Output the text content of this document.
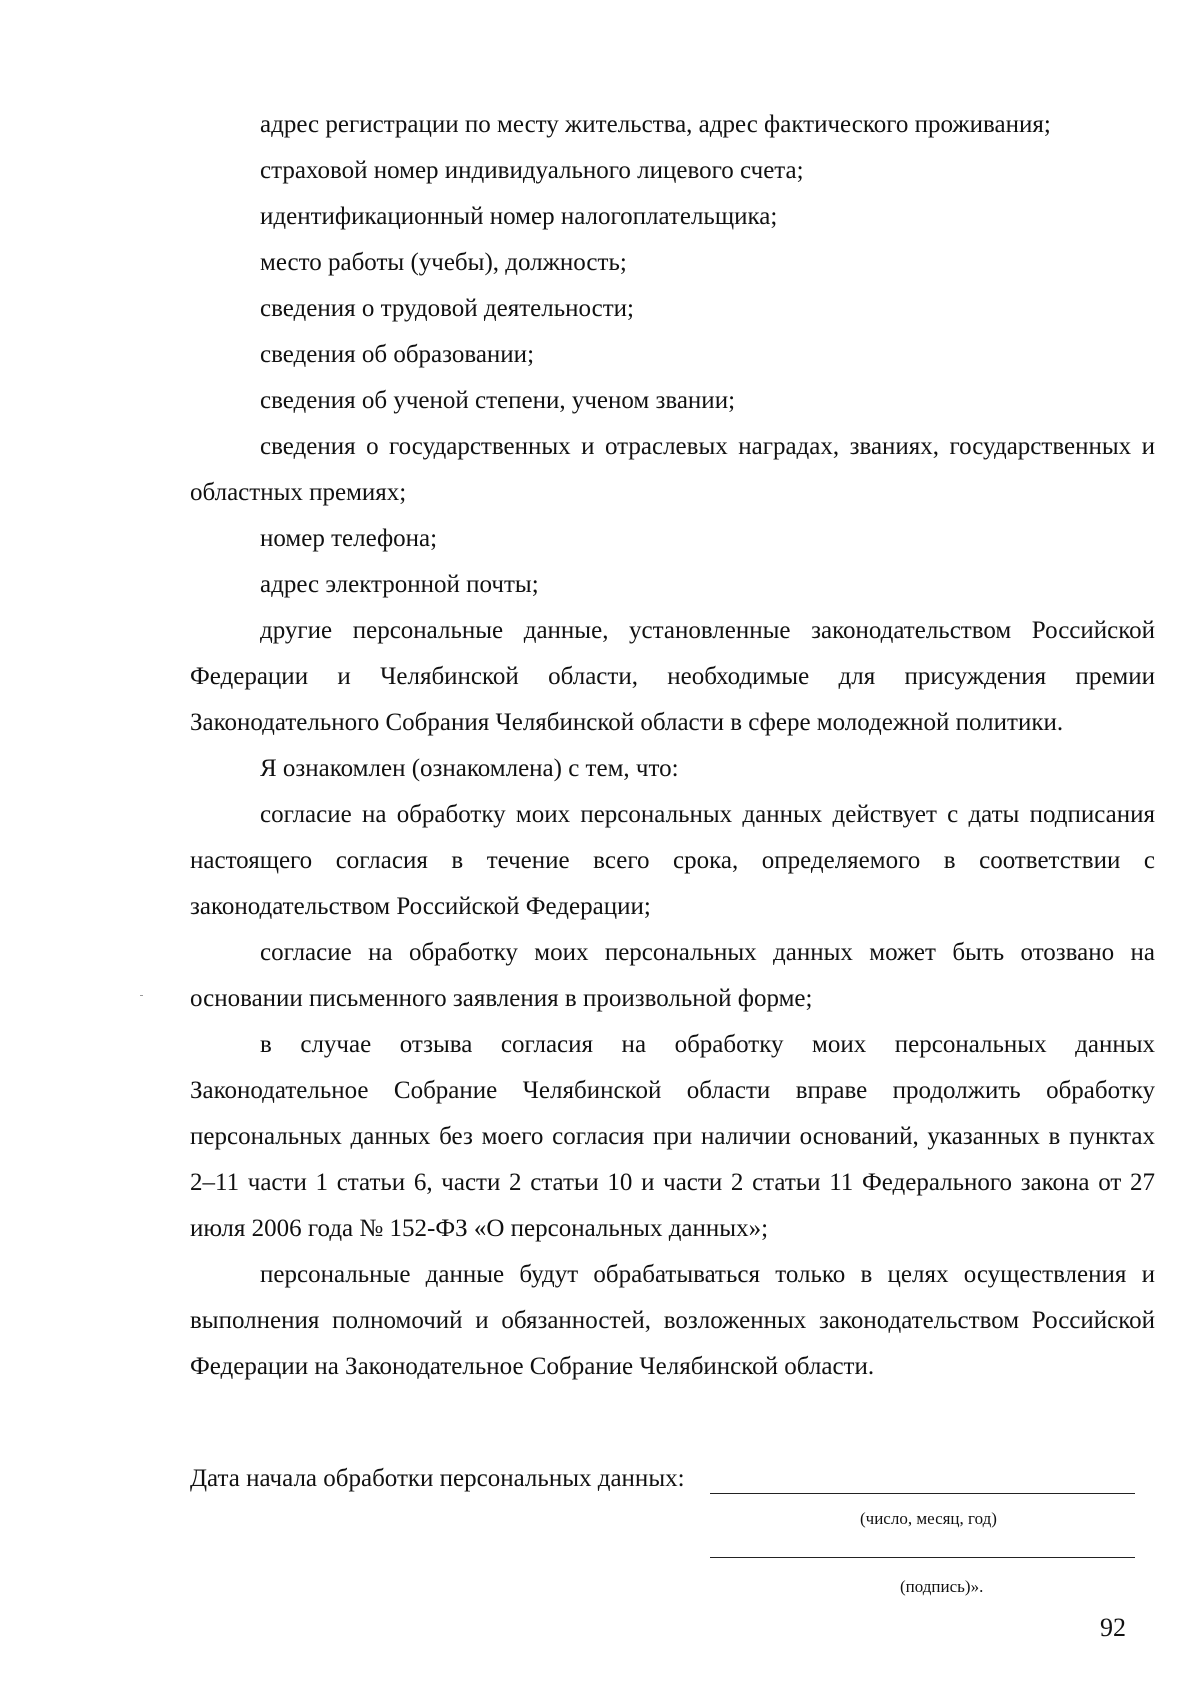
адрес регистрации по месту жительства, адрес фактического проживания;

страховой номер индивидуального лицевого счета;

идентификационный номер налогоплательщика;

место работы (учебы), должность;

сведения о трудовой деятельности;

сведения об образовании;

сведения об ученой степени, ученом звании;

сведения о государственных и отраслевых наградах, званиях, государственных и областных премиях;

номер телефона;

адрес электронной почты;

другие персональные данные, установленные законодательством Российской Федерации и Челябинской области, необходимые для присуждения премии Законодательного Собрания Челябинской области в сфере молодежной политики.

Я ознакомлен (ознакомлена) с тем, что:

согласие на обработку моих персональных данных действует с даты подписания настоящего согласия в течение всего срока, определяемого в соответствии с законодательством Российской Федерации;

согласие на обработку моих персональных данных может быть отозвано на основании письменного заявления в произвольной форме;

в случае отзыва согласия на обработку моих персональных данных Законодательное Собрание Челябинской области вправе продолжить обработку персональных данных без моего согласия при наличии оснований, указанных в пунктах 2–11 части 1 статьи 6, части 2 статьи 10 и части 2 статьи 11 Федерального закона от 27 июля 2006 года № 152-ФЗ «О персональных данных»;

персональные данные будут обрабатываться только в целях осуществления и выполнения полномочий и обязанностей, возложенных законодательством Российской Федерации на Законодательное Собрание Челябинской области.

Дата начала обработки персональных данных:
(число, месяц, год)
(подпись)».
92
